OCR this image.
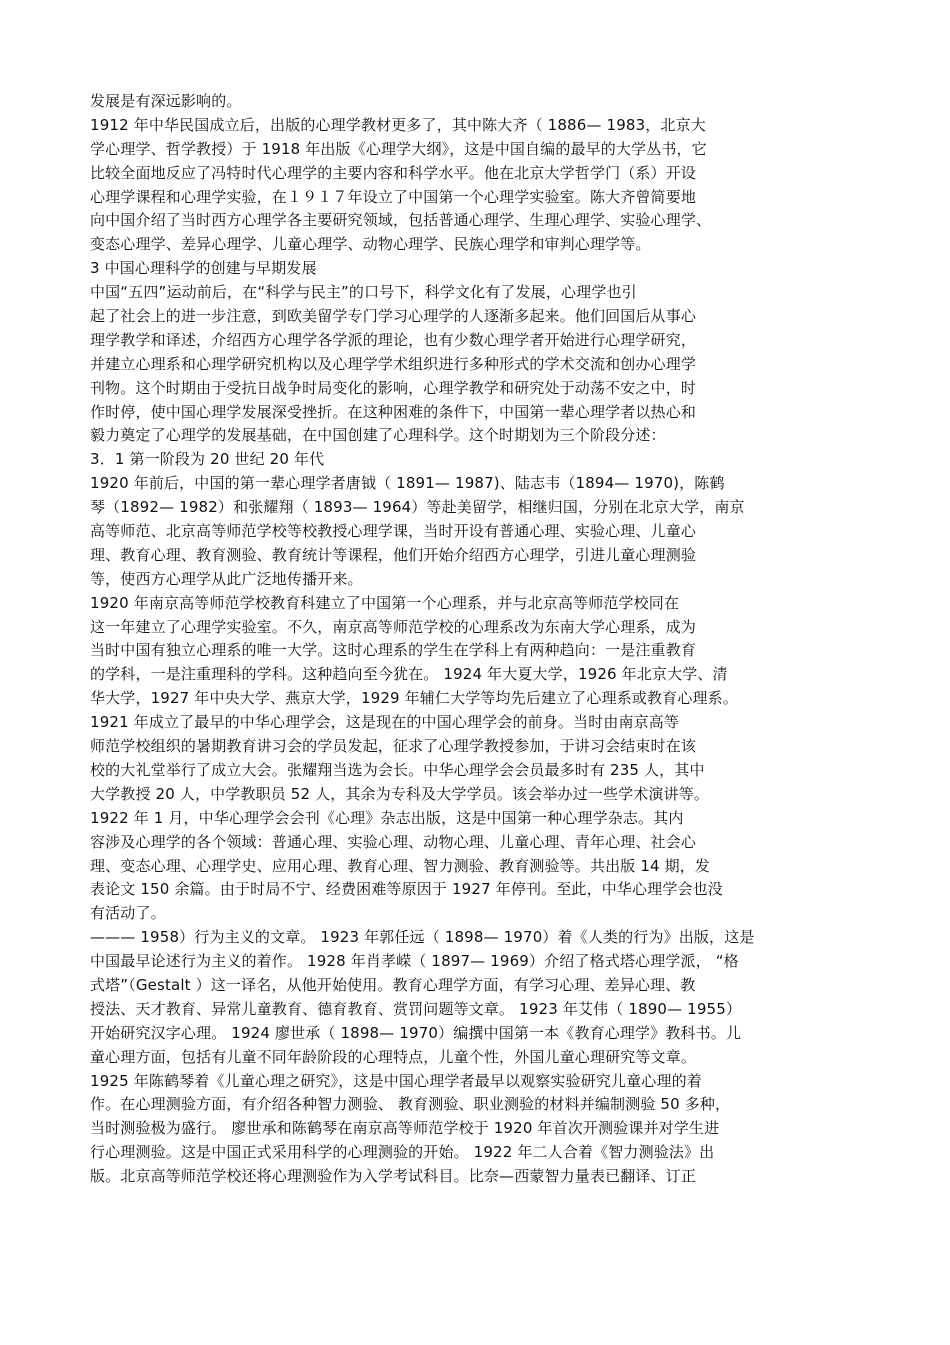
发展是有深远影响的。
1912 年中华民国成立后，出版的心理学教材更多了，其中陈大齐（ 1886— 1983，北京大
学心理学、哲学教授）于 1918 年出版《心理学大纲》，这是中国自编的最早的大学丛书，它
比较全面地反应了冯特时代心理学的主要内容和科学水平。他在北京大学哲学门（系）开设
心理学课程和心理学实验，在１９１７年设立了中国第一个心理学实验室。陈大齐曾简要地
向中国介绍了当时西方心理学各主要研究领域，包括普通心理学、生理心理学、实验心理学、
变态心理学、差异心理学、儿童心理学、动物心理学、民族心理学和审判心理学等。
3 中国心理科学的创建与早期发展
中国“五四”运动前后，在“科学与民主”的口号下，科学文化有了发展，心理学也引
起了社会上的进一步注意，到欧美留学专门学习心理学的人逐渐多起来。他们回国后从事心
理学教学和译述，介绍西方心理学各学派的理论，也有少数心理学者开始进行心理学研究，
并建立心理系和心理学研究机构以及心理学学术组织进行多种形式的学术交流和创办心理学
刊物。这个时期由于受抗日战争时局变化的影响，心理学教学和研究处于动荡不安之中，时
作时停，使中国心理学发展深受挫折。在这种困难的条件下，中国第一辈心理学者以热心和
毅力奠定了心理学的发展基础，在中国创建了心理科学。这个时期划为三个阶段分述：
3．1 第一阶段为 20 世纪 20 年代
1920 年前后，中国的第一辈心理学者唐钺（ 1891— 1987)、陆志韦（1894— 1970)，陈鹤
琴（1892— 1982）和张耀翔（ 1893— 1964）等赴美留学，相继归国，分别在北京大学，南京
高等师范、北京高等师范学校等校教授心理学课，当时开设有普通心理、实验心理、儿童心
理、教育心理、教育测验、教育统计等课程，他们开始介绍西方心理学，引进儿童心理测验
等，使西方心理学从此广泛地传播开来。
1920 年南京高等师范学校教育科建立了中国第一个心理系，并与北京高等师范学校同在
这一年建立了心理学实验室。不久，南京高等师范学校的心理系改为东南大学心理系，成为
当时中国有独立心理系的唯一大学。这时心理系的学生在学科上有两种趋向：一是注重教育
的学科，一是注重理科的学科。这种趋向至今犹在。 1924 年大夏大学，1926 年北京大学、清
华大学，1927 年中央大学、燕京大学，1929 年辅仁大学等均先后建立了心理系或教育心理系。
1921 年成立了最早的中华心理学会，这是现在的中国心理学会的前身。当时由南京高等
师范学校组织的暑期教育讲习会的学员发起，征求了心理学教授参加，于讲习会结束时在该
校的大礼堂举行了成立大会。张耀翔当选为会长。中华心理学会会员最多时有 235 人，其中
大学教授 20 人，中学教职员 52 人，其余为专科及大学学员。该会举办过一些学术演讲等。
1922 年 1 月，中华心理学会会刊《心理》杂志出版，这是中国第一种心理学杂志。其内
容涉及心理学的各个领域：普通心理、实验心理、动物心理、儿童心理、青年心理、社会心
理、变态心理、心理学史、应用心理、教育心理、智力测验、教育测验等。共出版 14 期，发
表论文 150 余篇。由于时局不宁、经费困难等原因于 1927 年停刊。至此，中华心理学会也没
有活动了。
——— 1958）行为主义的文章。 1923 年郭任远（ 1898— 1970）着《人类的行为》出版，这是
中国最早论述行为主义的着作。 1928 年肖孝嵘（ 1897— 1969）介绍了格式塔心理学派， “格
式塔”（Gestalt ）这一译名，从他开始使用。教育心理学方面，有学习心理、差异心理、教
授法、天才教育、异常儿童教育、德育教育、赏罚问题等文章。 1923 年艾伟（ 1890— 1955）
开始研究汉字心理。 1924 廖世承（ 1898— 1970）编撰中国第一本《教育心理学》教科书。儿
童心理方面，包括有儿童不同年龄阶段的心理特点，儿童个性，外国儿童心理研究等文章。
1925 年陈鹤琴着《儿童心理之研究》，这是中国心理学者最早以观察实验研究儿童心理的着
作。在心理测验方面，有介绍各种智力测验、 教育测验、职业测验的材料并编制测验 50 多种，
当时测验极为盛行。 廖世承和陈鹤琴在南京高等师范学校于 1920 年首次开测验课并对学生进
行心理测验。这是中国正式采用科学的心理测验的开始。 1922 年二人合着《智力测验法》出
版。北京高等师范学校还将心理测验作为入学考试科目。比奈—西蒙智力量表已翻译、订正
